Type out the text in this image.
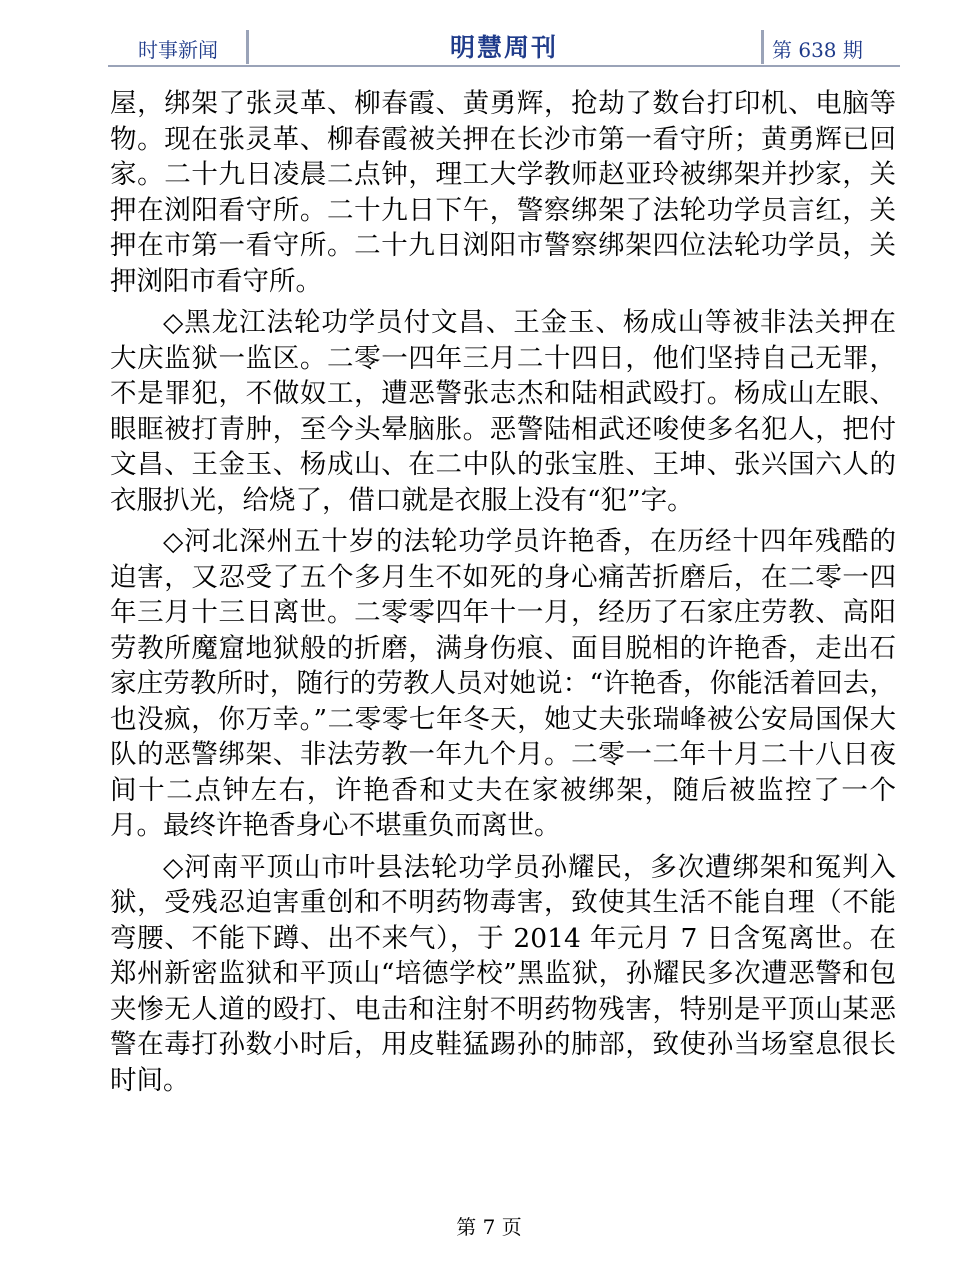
时事新闻	明慧周刊	第 638 期

屋，绑架了张灵革、柳春霞、黄勇辉，抢劫了数台打印机、电脑等物。现在张灵革、柳春霞被关押在长沙市第一看守所；黄勇辉已回家。二十九日凌晨二点钟，理工大学教师赵亚玲被绑架并抄家，关押在浏阳看守所。二十九日下午，警察绑架了法轮功学员言红，关押在市第一看守所。二十九日浏阳市警察绑架四位法轮功学员，关押浏阳市看守所。

◇黑龙江法轮功学员付文昌、王金玉、杨成山等被非法关押在大庆监狱一监区。二零一四年三月二十四日，他们坚持自己无罪，不是罪犯，不做奴工，遭恶警张志杰和陆相武殴打。杨成山左眼、眼眶被打青肿，至今头晕脑胀。恶警陆相武还唆使多名犯人，把付文昌、王金玉、杨成山、在二中队的张宝胜、王坤、张兴国六人的衣服扒光，给烧了，借口就是衣服上没有“犯”字。

◇河北深州五十岁的法轮功学员许艳香，在历经十四年残酷的迫害，又忍受了五个多月生不如死的身心痛苦折磨后，在二零一四年三月十三日离世。二零零四年十一月，经历了石家庄劳教、高阳劳教所魔窟地狱般的折磨，满身伤痕、面目脱相的许艳香，走出石家庄劳教所时，随行的劳教人员对她说：“许艳香，你能活着回去，也没疯，你万幸。”二零零七年冬天，她丈夫张瑞峰被公安局国保大队的恶警绑架、非法劳教一年九个月。二零一二年十月二十八日夜间十二点钟左右，许艳香和丈夫在家被绑架，随后被监控了一个月。最终许艳香身心不堪重负而离世。

◇河南平顶山市叶县法轮功学员孙耀民，多次遭绑架和冤判入狱，受残忍迫害重创和不明药物毒害，致使其生活不能自理（不能弯腰、不能下蹲、出不来气），于 2014 年元月 7 日含冤离世。在郑州新密监狱和平顶山“培德学校”黑监狱，孙耀民多次遭恶警和包夹惨无人道的殴打、电击和注射不明药物残害，特别是平顶山某恶警在毒打孙数小时后，用皮鞋猛踢孙的肺部，致使孙当场窒息很长时间。

第 7 页
